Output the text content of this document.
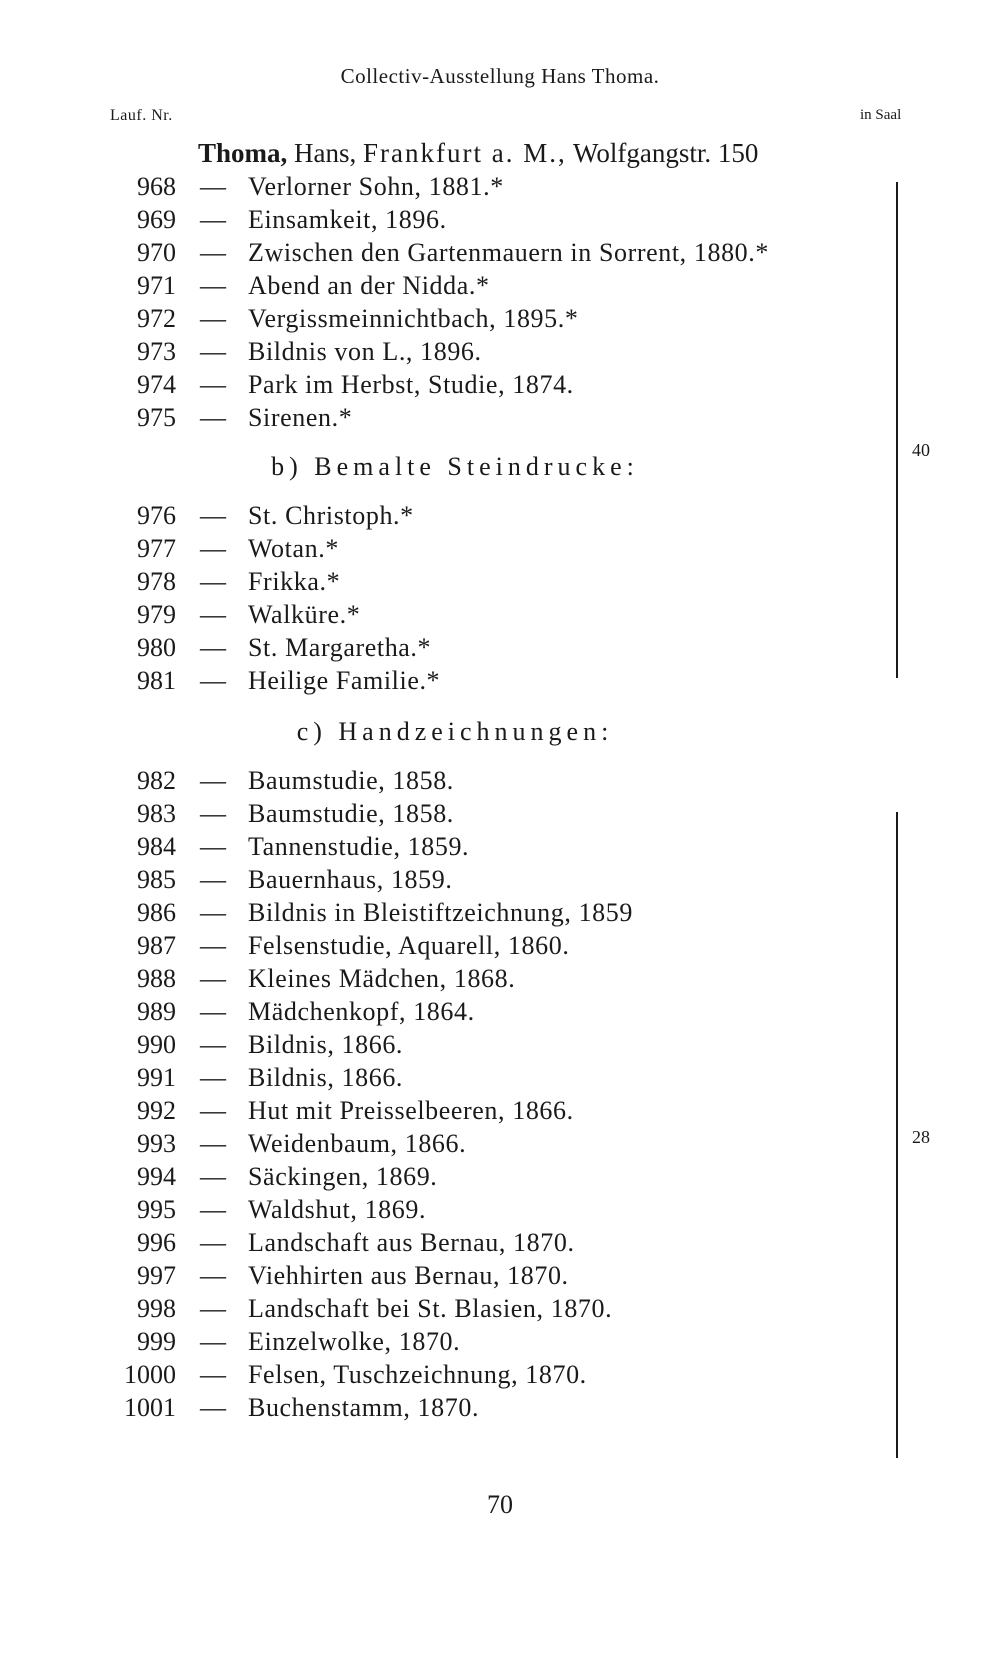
Collectiv-Ausstellung Hans Thoma.
Lauf. Nr.	in Saal
Thoma, Hans, Frankfurt a. M., Wolfgangstr. 150
968 — Verlorner Sohn, 1881.*
969 — Einsamkeit, 1896.
970 — Zwischen den Gartenmauern in Sorrent, 1880.*
971 — Abend an der Nidda.*
972 — Vergissmeinnichtbach, 1895.*
973 — Bildnis von L., 1896.
974 — Park im Herbst, Studie, 1874.
975 — Sirenen.*
b) Bemalte Steindrucke:
976 — St. Christoph.*
977 — Wotan.*
978 — Frikka.*
979 — Walküre.*
980 — St. Margaretha.*
981 — Heilige Familie.*
40
c) Handzeichnungen:
982 — Baumstudie, 1858.
983 — Baumstudie, 1858.
984 — Tannenstudie, 1859.
985 — Bauernhaus, 1859.
986 — Bildnis in Bleistiftzeichnung, 1859
987 — Felsenstudie, Aquarell, 1860.
988 — Kleines Mädchen, 1868.
989 — Mädchenkopf, 1864.
990 — Bildnis, 1866.
991 — Bildnis, 1866.
992 — Hut mit Preisselbeeren, 1866.
993 — Weidenbaum, 1866.
994 — Säckingen, 1869.
995 — Waldshut, 1869.
996 — Landschaft aus Bernau, 1870.
997 — Viehhirten aus Bernau, 1870.
998 — Landschaft bei St. Blasien, 1870.
999 — Einzelwolke, 1870.
1000 — Felsen, Tuschzeichnung, 1870.
1001 — Buchenstamm, 1870.
28
70
